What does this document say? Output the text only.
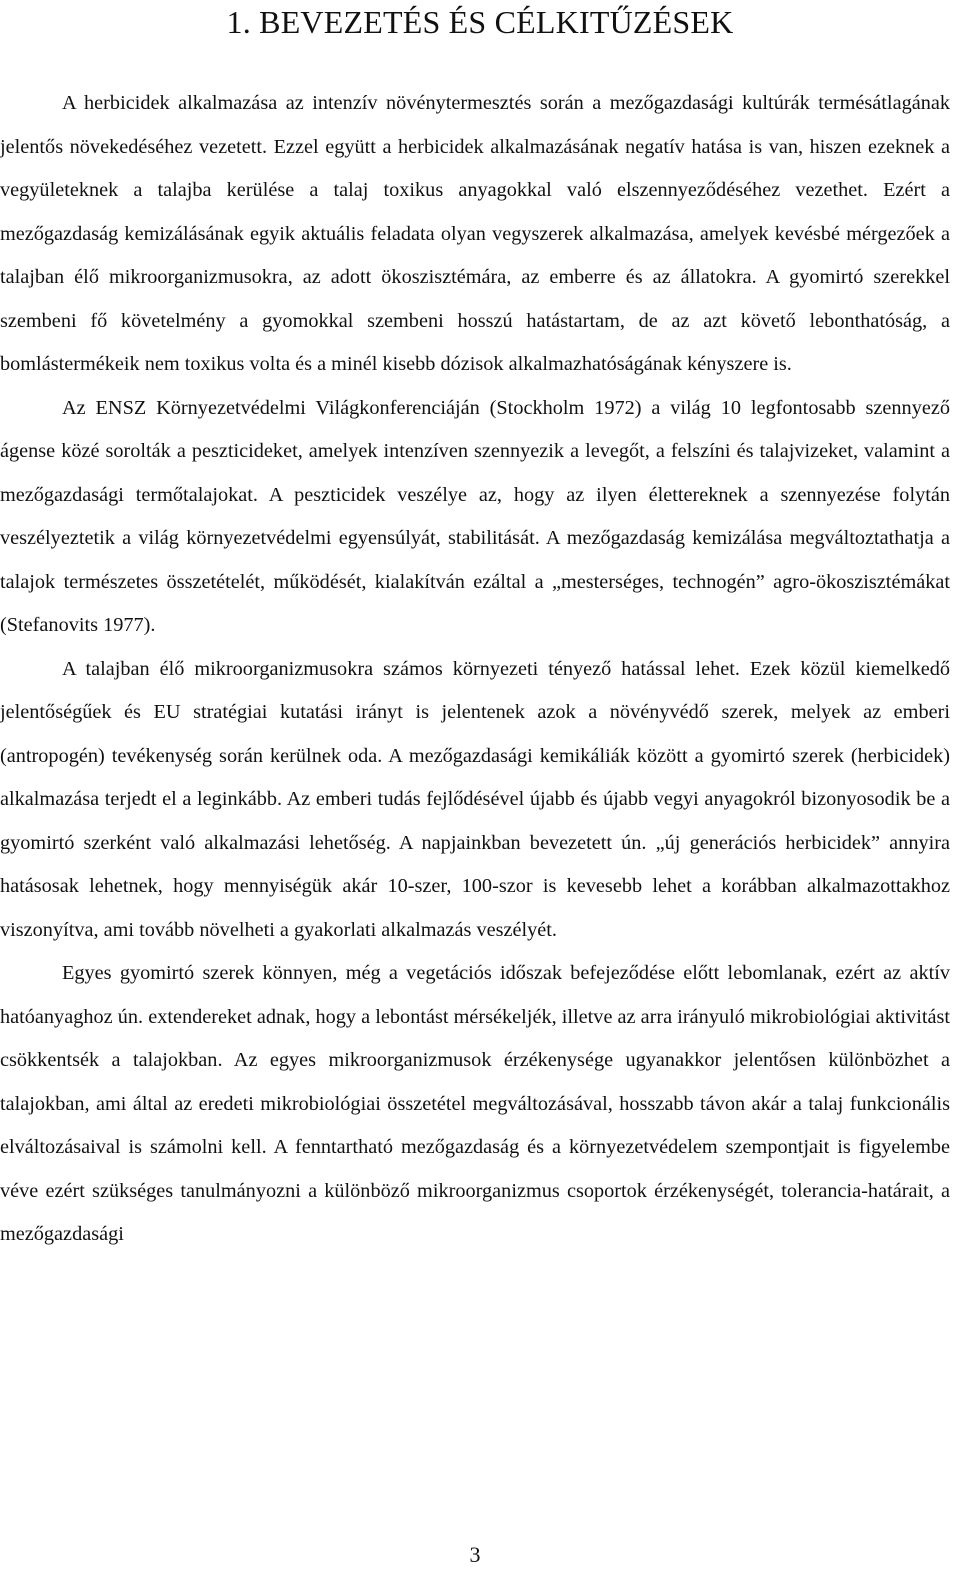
1. BEVEZETÉS ÉS CÉLKITŰZÉSEK

A herbicidek alkalmazása az intenzív növénytermesztés során a mezőgazdasági kultúrák termésátlagának jelentős növekedéséhez vezetett. Ezzel együtt a herbicidek alkalmazásának negatív hatása is van, hiszen ezeknek a vegyületeknek a talajba kerülése a talaj toxikus anyagokkal való elszennyeződéséhez vezethet. Ezért a mezőgazdaság kemizálásának egyik aktuális feladata olyan vegyszerek alkalmazása, amelyek kevésbé mérgezőek a talajban élő mikroorganizmusokra, az adott ökoszisztémára, az emberre és az állatokra. A gyomirtó szerekkel szembeni fő követelmény a gyomokkal szembeni hosszú hatástartam, de az azt követő lebonthatóság, a bomlástermékeik nem toxikus volta és a minél kisebb dózisok alkalmazhatóságának kényszere is.

Az ENSZ Környezetvédelmi Világkonferenciáján (Stockholm 1972) a világ 10 legfontosabb szennyező ágense közé sorolták a peszticideket, amelyek intenzíven szennyezik a levegőt, a felszíni és talajvizeket, valamint a mezőgazdasági termőtalajokat. A peszticidek veszélye az, hogy az ilyen élettereknek a szennyezése folytán veszélyeztetik a világ környezetvédelmi egyensúlyát, stabilitását. A mezőgazdaság kemizálása megváltoztathatja a talajok természetes összetételét, működését, kialakítván ezáltal a „mesterséges, technogén” agro-ökoszisztémákat (Stefanovits 1977).

A talajban élő mikroorganizmusokra számos környezeti tényező hatással lehet. Ezek közül kiemelkedő jelentőségűek és EU stratégiai kutatási irányt is jelentenek azok a növényvédő szerek, melyek az emberi (antropogén) tevékenység során kerülnek oda. A mezőgazdasági kemikáliák között a gyomirtó szerek (herbicidek) alkalmazása terjedt el a leginkább. Az emberi tudás fejlődésével újabb és újabb vegyi anyagokról bizonyosodik be a gyomirtó szerként való alkalmazási lehetőség. A napjainkban bevezetett ún. „új generációs herbicidek” annyira hatásosak lehetnek, hogy mennyiségük akár 10-szer, 100-szor is kevesebb lehet a korábban alkalmazottakhoz viszonyítva, ami tovább növelheti a gyakorlati alkalmazás veszélyét.

Egyes gyomirtó szerek könnyen, még a vegetációs időszak befejeződése előtt lebomlanak, ezért az aktív hatóanyaghoz ún. extendereket adnak, hogy a lebontást mérsékeljék, illetve az arra irányuló mikrobiológiai aktivitást csökkentsék a talajokban. Az egyes mikroorganizmusok érzékenysége ugyanakkor jelentősen különbözhet a talajokban, ami által az eredeti mikrobiológiai összetétel megváltozásával, hosszabb távon akár a talaj funkcionális elváltozásaival is számolni kell. A fenntartható mezőgazdaság és a környezetvédelem szempontjait is figyelembe véve ezért szükséges tanulmányozni a különböző mikroorganizmus csoportok érzékenységét, tolerancia-határait, a mezőgazdasági

3
